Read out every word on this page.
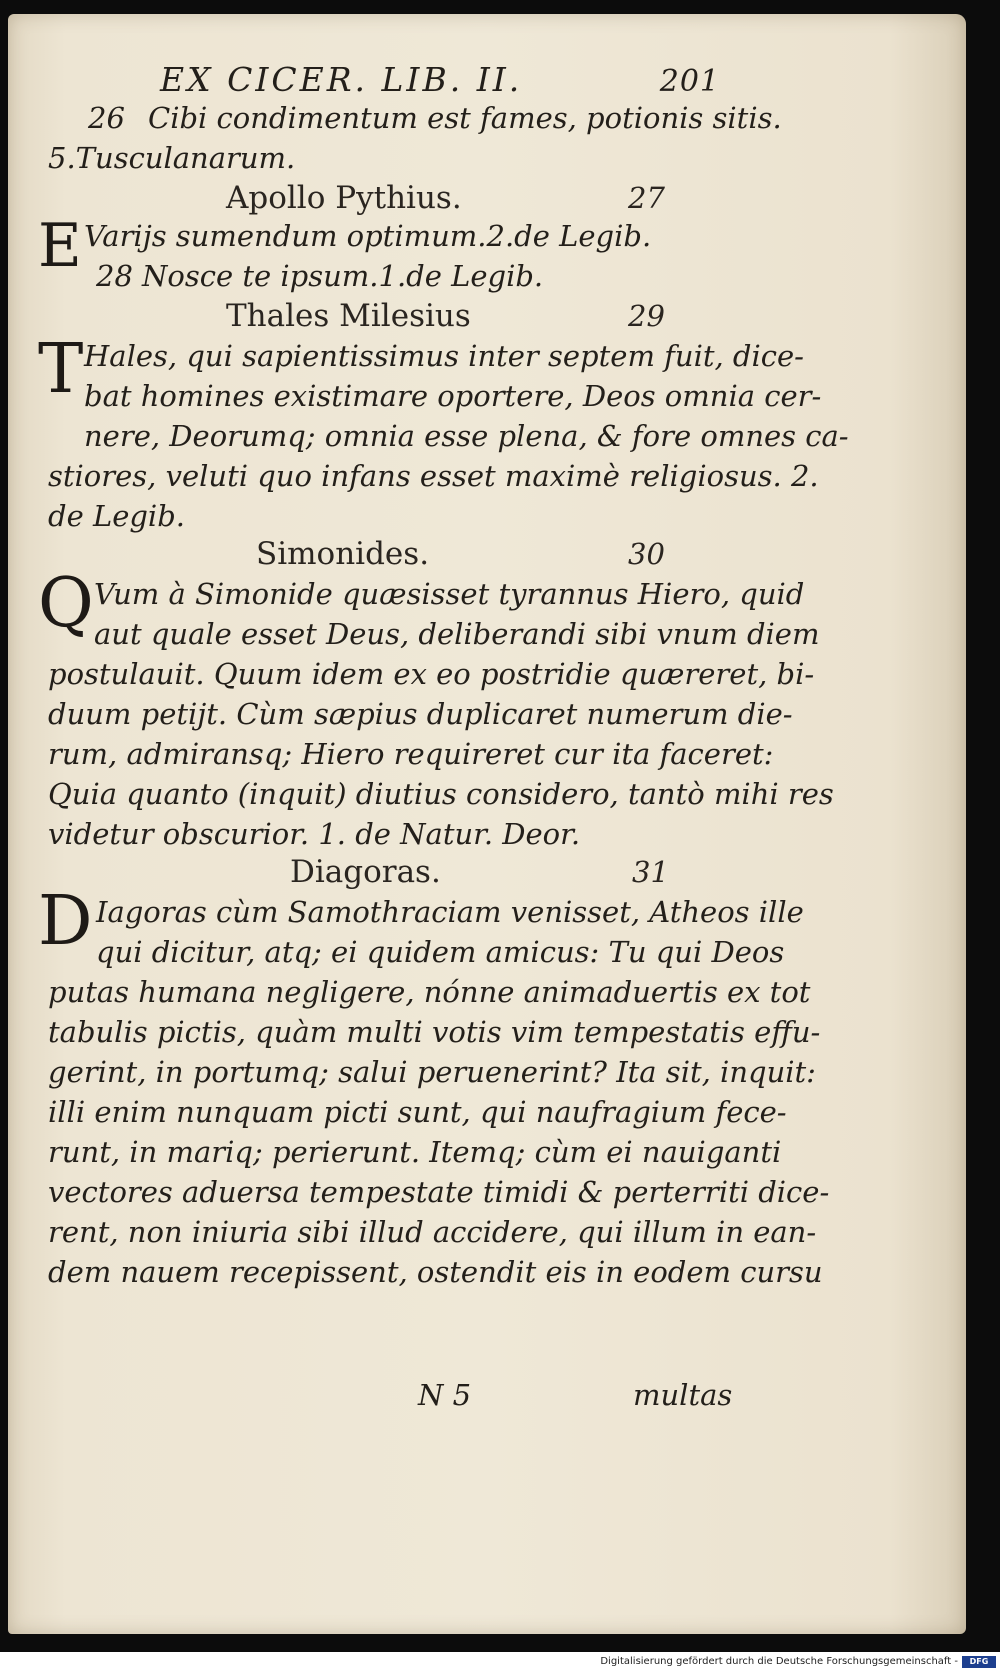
EX CICER. LIB. II.	201
26 Cibi condimentum est fames, potionis sitis.
5.Tusculanarum.
Apollo Pythius.	27
E Varijs sumendum optimum.2.de Legib.
28 Nosce te ipsum.1.de Legib.
Thales Milesius	29
T Hales, qui sapientissimus inter septem fuit, dice-
bat homines existimare oportere, Deos omnia cer-
nere, Deorumq; omnia esse plena, & fore omnes ca-
stiores, veluti quo infans esset maximè religiosus. 2.
de Legib.
Simonides.	30
Q Vum à Simonide quæsisset tyrannus Hiero, quid
aut quale esset Deus, deliberandi sibi vnum diem
postulauit. Quum idem ex eo postridie quæreret, bi-
duum petijt. Cùm sæpius duplicaret numerum die-
rum, admiransq; Hiero requireret cur ita faceret:
Quia quanto (inquit) diutius considero, tantò mihi res
videtur obscurior. 1. de Natur. Deor.
Diagoras.	31
D Iagoras cùm Samothraciam venisset, Atheos ille
qui dicitur, atq; ei quidem amicus: Tu qui Deos
putas humana negligere, nónne animaduertis ex tot
tabulis pictis, quàm multi votis vim tempestatis effu-
gerint, in portumq; salui peruenerint? Ita sit, inquit:
illi enim nunquam picti sunt, qui naufragium fece-
runt, in mariq; perierunt. Itemq; cùm ei nauiganti
vectores aduersa tempestate timidi & perterriti dice-
rent, non iniuria sibi illud accidere, qui illum in ean-
dem nauem recepissent, ostendit eis in eodem cursu
N 5	multas
Digitalisierung gefördert durch die Deutsche Forschungsgemeinschaft -	DFG
